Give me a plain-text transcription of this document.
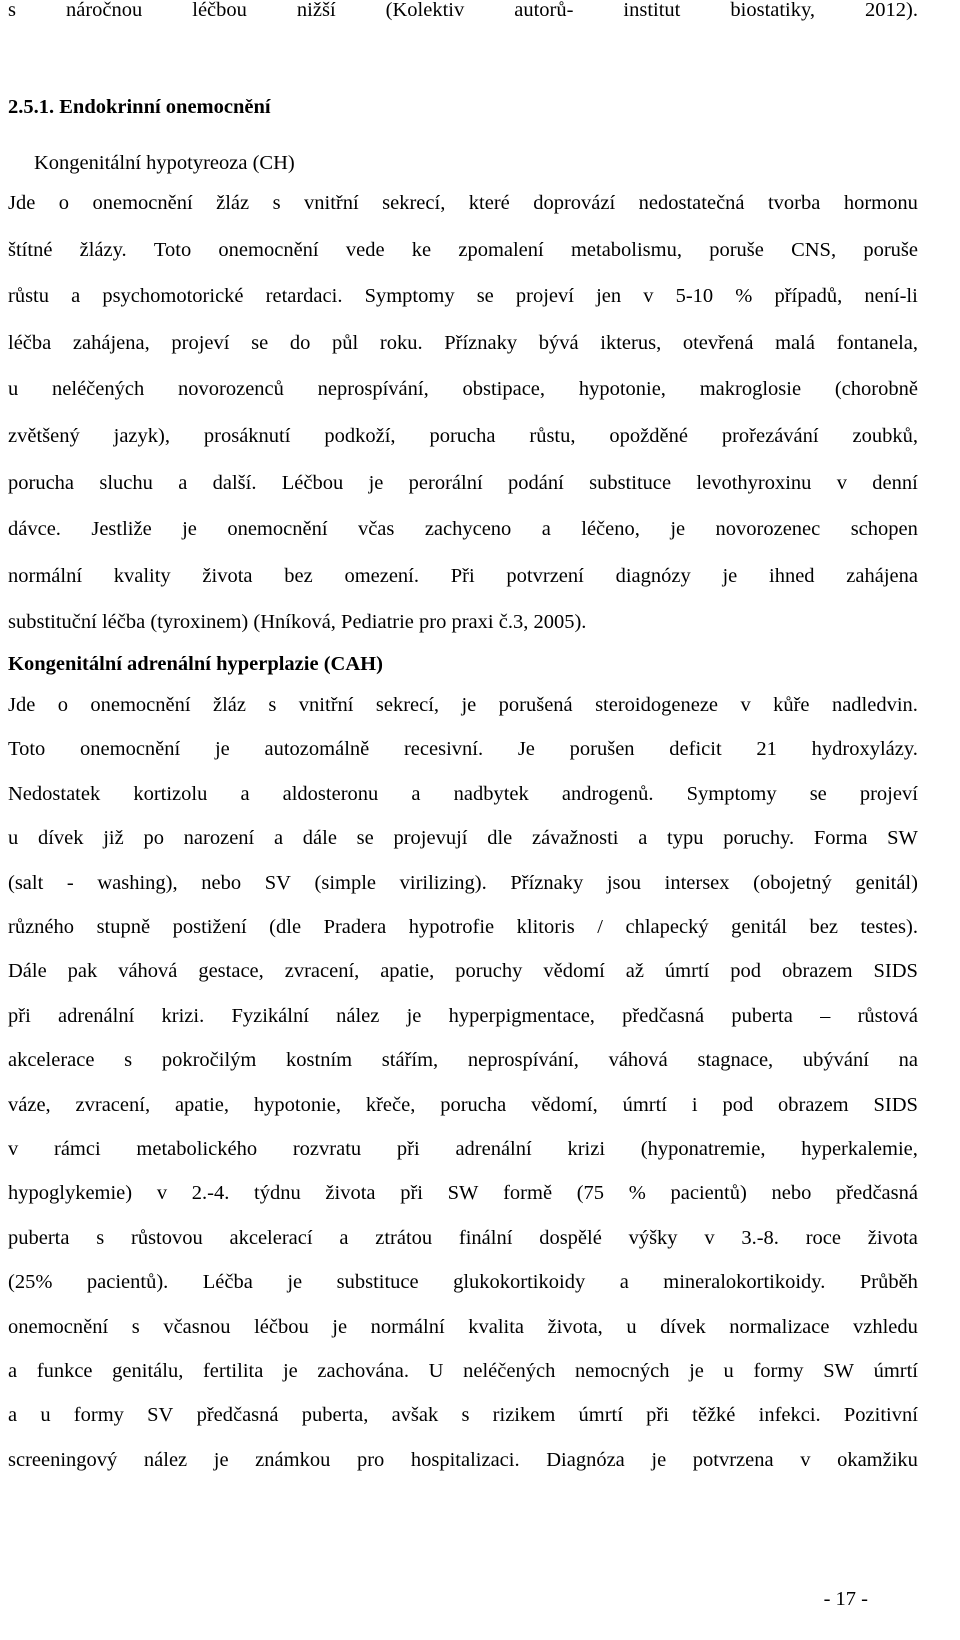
s náročnou léčbou nižší (Kolektiv autorů- institut biostatiky, 2012).
2.5.1. Endokrinní onemocnění
Kongenitální hypotyreoza (CH)
Jde o onemocnění žláz s vnitřní sekrecí, které doprovází nedostatečná tvorba hormonu
štítné žlázy. Toto onemocnění vede ke zpomalení metabolismu, poruše CNS, poruše
růstu a psychomotorické retardaci. Symptomy se projeví jen v 5-10 % případů, není-li
léčba zahájena, projeví se do půl roku. Příznaky bývá ikterus, otevřená malá fontanela,
u neléčených novorozenců neprospívání, obstipace, hypotonie, makroglosie (chorobně
zvětšený jazyk), prosáknutí podkoží, porucha růstu, opožděné prořezávání zoubků,
porucha sluchu a další. Léčbou je perorální podání substituce levothyroxinu v denní
dávce. Jestliže je onemocnění včas zachyceno a léčeno, je novorozenec schopen
normální kvality života bez omezení. Při potvrzení diagnózy je ihned zahájena
substituční léčba (tyroxinem) (Hníková, Pediatrie pro praxi č.3, 2005).
Kongenitální adrenální hyperplazie (CAH)
Jde o onemocnění žláz s vnitřní sekrecí, je porušená steroidogeneze v kůře nadledvin.
Toto onemocnění je autozomálně recesivní. Je porušen deficit 21 hydroxylázy.
Nedostatek kortizolu a aldosteronu a nadbytek androgenů. Symptomy se projeví
u dívek již po narození a dále se projevují dle závažnosti a typu poruchy. Forma SW
(salt - washing), nebo SV (simple virilizing). Příznaky jsou intersex (obojetný genitál)
různého stupně postižení (dle Pradera hypotrofie klitoris / chlapecký genitál bez testes).
Dále pak váhová gestace, zvracení, apatie, poruchy vědomí až úmrtí pod obrazem SIDS
při adrenální krizi. Fyzikální nález je hyperpigmentace, předčasná puberta – růstová
akcelerace s pokročilým kostním stářím, neprospívání, váhová stagnace, ubývání na
váze, zvracení, apatie, hypotonie, křeče, porucha vědomí, úmrtí i pod obrazem SIDS
v rámci metabolického rozvratu při adrenální krizi (hyponatremie, hyperkalemie,
hypoglykemie) v 2.-4. týdnu života při SW formě (75 % pacientů) nebo předčasná
puberta s růstovou akcelerací a ztrátou finální dospělé výšky v 3.-8. roce života
(25% pacientů). Léčba je substituce glukokortikoidy a mineralokortikoidy. Průběh
onemocnění s včasnou léčbou je normální kvalita života, u dívek normalizace vzhledu
a funkce genitálu, fertilita je zachována. U neléčených nemocných je u formy SW úmrtí
a u formy SV předčasná puberta, avšak s rizikem úmrtí při těžké infekci. Pozitivní
screeningový nález je známkou pro hospitalizaci. Diagnóza je potvrzena v okamžiku
- 17 -
